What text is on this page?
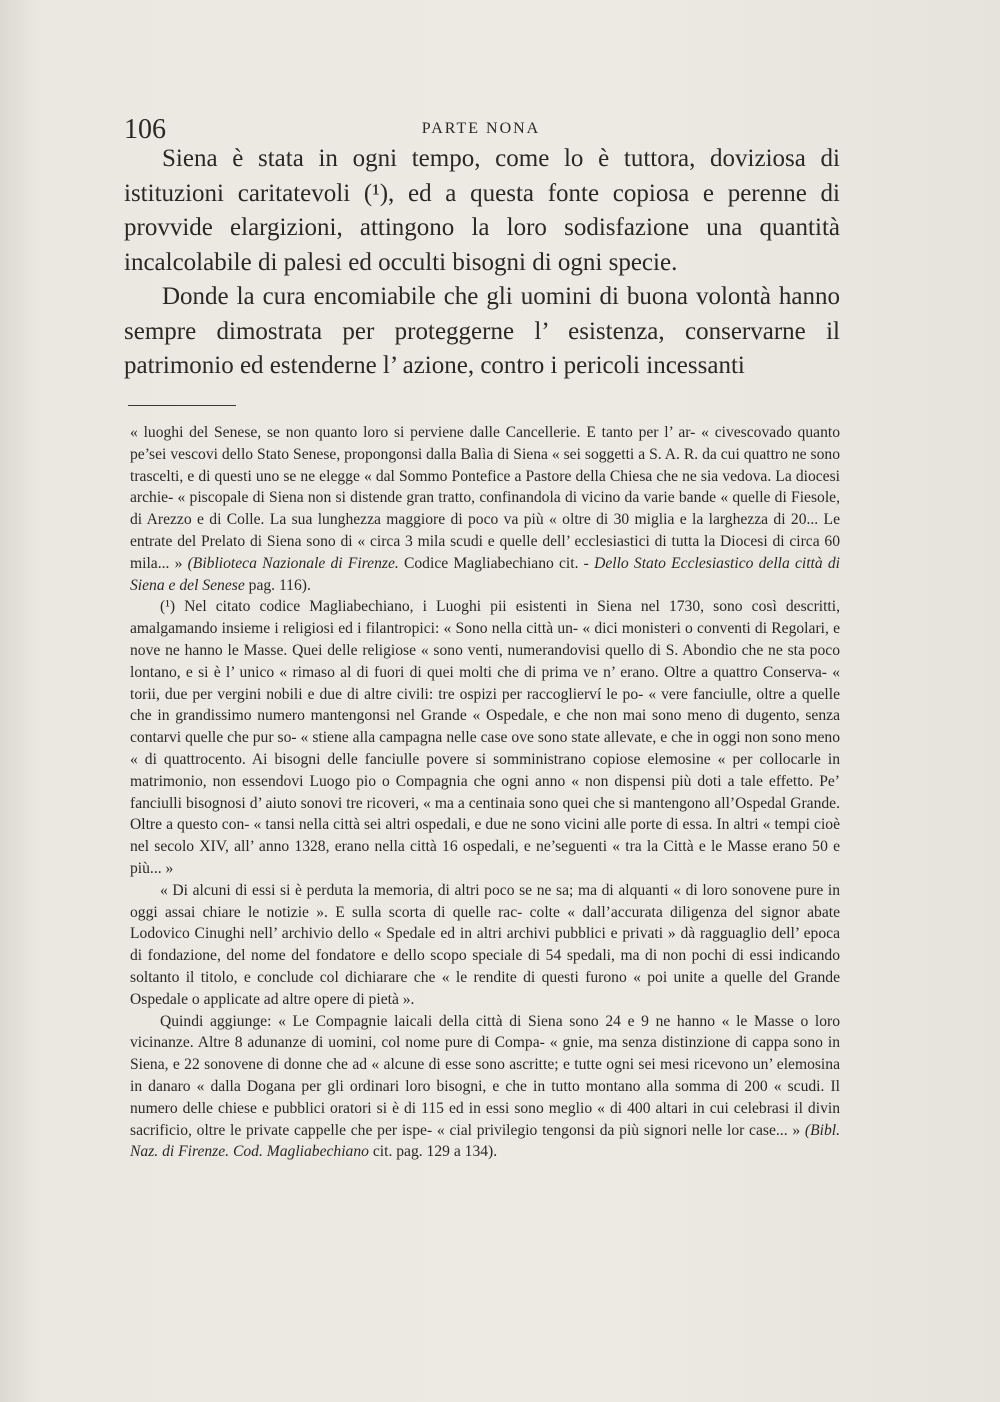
106	PARTE NONA

Siena è stata in ogni tempo, come lo è tuttora, doviziosa di istituzioni caritatevoli (¹), ed a questa fonte copiosa e perenne di provvide elargizioni, attingono la loro sodisfazione una quantità incalcolabile di palesi ed occulti bisogni di ogni specie.

Donde la cura encomiabile che gli uomini di buona volontà hanno sempre dimostrata per proteggerne l’ esistenza, conservarne il patrimonio ed estenderne l’ azione, contro i pericoli incessanti

« luoghi del Senese, se non quanto loro si perviene dalle Cancellerie. E tanto per l’ ar- « civescovado quanto pe’sei vescovi dello Stato Senese, propongonsi dalla Balìa di Siena « sei soggetti a S. A. R. da cui quattro ne sono trascelti, e di questi uno se ne elegge « dal Sommo Pontefice a Pastore della Chiesa che ne sia vedova. La diocesi archie- « piscopale di Siena non si distende gran tratto, confinandola di vicino da varie bande « quelle di Fiesole, di Arezzo e di Colle. La sua lunghezza maggiore di poco va più « oltre di 30 miglia e la larghezza di 20... Le entrate del Prelato di Siena sono di « circa 3 mila scudi e quelle dell’ ecclesiastici di tutta la Diocesi di circa 60 mila... » (Biblioteca Nazionale di Firenze. Codice Magliabechiano cit. - Dello Stato Ecclesiastico della città di Siena e del Senese pag. 116).

(¹) Nel citato codice Magliabechiano, i Luoghi pii esistenti in Siena nel 1730, sono così descritti, amalgamando insieme i religiosi ed i filantropici: « Sono nella città un- « dici monisteri o conventi di Regolari, e nove ne hanno le Masse. Quei delle religiose « sono venti, numerandovisi quello di S. Abondio che ne sta poco lontano, e si è l’ unico « rimaso al di fuori di quei molti che di prima ve n’ erano. Oltre a quattro Conserva- « torii, due per vergini nobili e due di altre civili: tre ospizi per raccoglierví le po- « vere fanciulle, oltre a quelle che in grandissimo numero mantengonsi nel Grande « Ospedale, e che non mai sono meno di dugento, senza contarvi quelle che pur so- « stiene alla campagna nelle case ove sono state allevate, e che in oggi non sono meno « di quattrocento. Ai bisogni delle fanciulle povere si somministrano copiose elemosine « per collocarle in matrimonio, non essendovi Luogo pio o Compagnia che ogni anno « non dispensi più doti a tale effetto. Pe’ fanciulli bisognosi d’ aiuto sonovi tre ricoveri, « ma a centinaia sono quei che si mantengono all’Ospedal Grande. Oltre a questo con- « tansi nella città sei altri ospedali, e due ne sono vicini alle porte di essa. In altri « tempi cioè nel secolo XIV, all’ anno 1328, erano nella città 16 ospedali, e ne’seguenti « tra la Città e le Masse erano 50 e più... »

« Di alcuni di essi si è perduta la memoria, di altri poco se ne sa; ma di alquanti « di loro sonovene pure in oggi assai chiare le notizie ». E sulla scorta di quelle rac- colte « dall’accurata diligenza del signor abate Lodovico Cinughi nell’ archivio dello « Spedale ed in altri archivi pubblici e privati » dà ragguaglio dell’ epoca di fondazione, del nome del fondatore e dello scopo speciale di 54 spedali, ma di non pochi di essi indicando soltanto il titolo, e conclude col dichiarare che « le rendite di questi furono « poi unite a quelle del Grande Ospedale o applicate ad altre opere di pietà ».

Quindi aggiunge: « Le Compagnie laicali della città di Siena sono 24 e 9 ne hanno « le Masse o loro vicinanze. Altre 8 adunanze di uomini, col nome pure di Compa- « gnie, ma senza distinzione di cappa sono in Siena, e 22 sonovene di donne che ad « alcune di esse sono ascritte; e tutte ogni sei mesi ricevono un’ elemosina in danaro « dalla Dogana per gli ordinari loro bisogni, e che in tutto montano alla somma di 200 « scudi. Il numero delle chiese e pubblici oratori si è di 115 ed in essi sono meglio « di 400 altari in cui celebrasi il divin sacrificio, oltre le private cappelle che per ispe- « cial privilegio tengonsi da più signori nelle lor case... » (Bibl. Naz. di Firenze. Cod. Magliabechiano cit. pag. 129 a 134).
